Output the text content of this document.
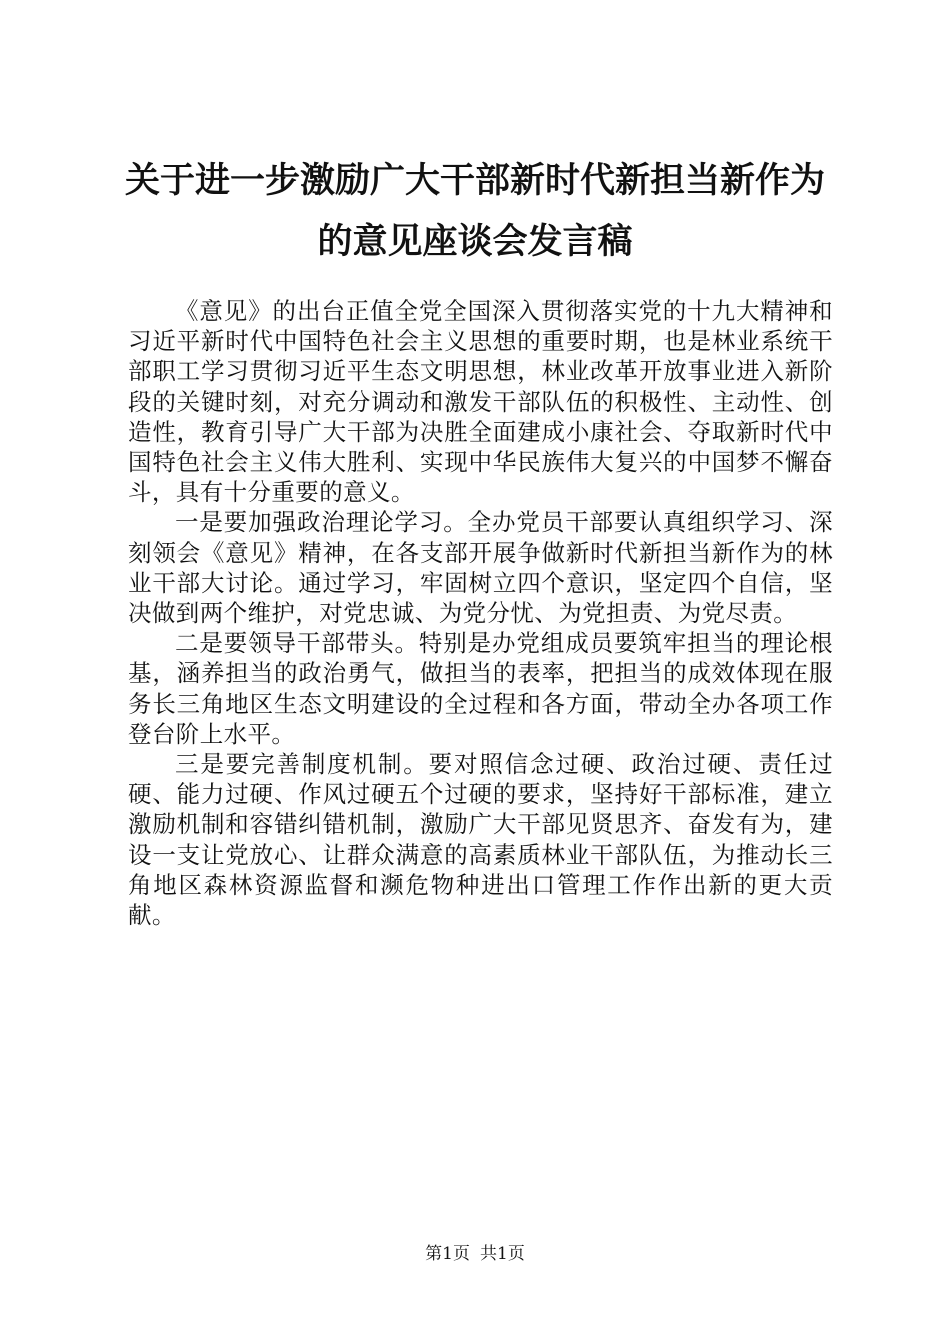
关于进一步激励广大干部新时代新担当新作为
的意见座谈会发言稿

《意见》的出台正值全党全国深入贯彻落实党的十九大精神和习近平新时代中国特色社会主义思想的重要时期，也是林业系统干部职工学习贯彻习近平生态文明思想，林业改革开放事业进入新阶段的关键时刻，对充分调动和激发干部队伍的积极性、主动性、创造性，教育引导广大干部为决胜全面建成小康社会、夺取新时代中国特色社会主义伟大胜利、实现中华民族伟大复兴的中国梦不懈奋斗，具有十分重要的意义。

一是要加强政治理论学习。全办党员干部要认真组织学习、深刻领会《意见》精神，在各支部开展争做新时代新担当新作为的林业干部大讨论。通过学习，牢固树立四个意识，坚定四个自信，坚决做到两个维护，对党忠诚、为党分忧、为党担责、为党尽责。

二是要领导干部带头。特别是办党组成员要筑牢担当的理论根基，涵养担当的政治勇气，做担当的表率，把担当的成效体现在服务长三角地区生态文明建设的全过程和各方面，带动全办各项工作登台阶上水平。

三是要完善制度机制。要对照信念过硬、政治过硬、责任过硬、能力过硬、作风过硬五个过硬的要求，坚持好干部标准，建立激励机制和容错纠错机制，激励广大干部见贤思齐、奋发有为，建设一支让党放心、让群众满意的高素质林业干部队伍，为推动长三角地区森林资源监督和濒危物种进出口管理工作作出新的更大贡献。

第1页 共1页
